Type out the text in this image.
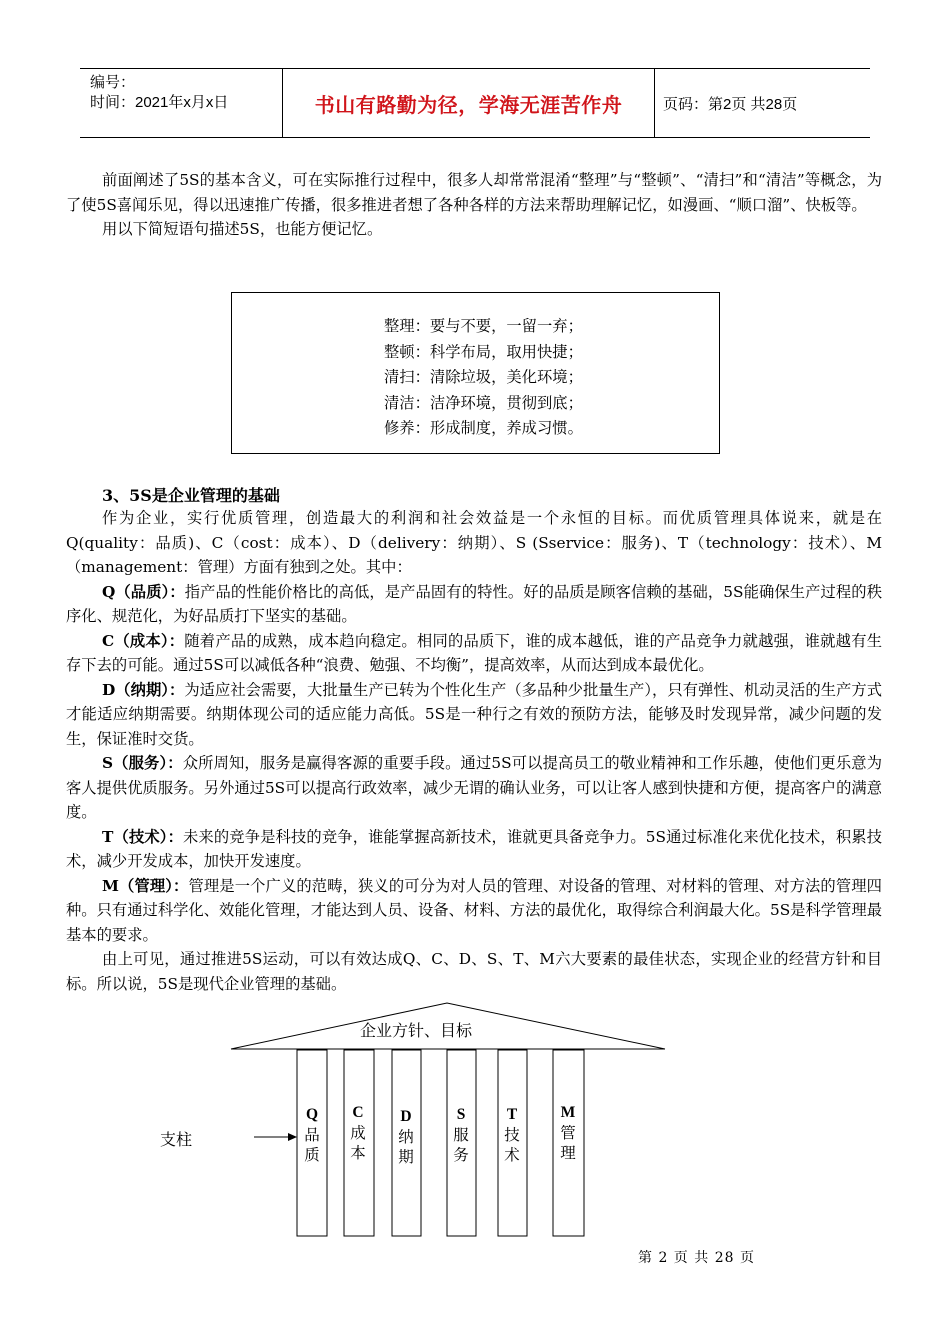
编号：
时间：2021年x月x日	书山有路勤为径，学海无涯苦作舟	页码：第2页 共28页

前面阐述了5S的基本含义，可在实际推行过程中，很多人却常常混淆“整理”与“整顿”、“清扫”和“清洁”等概念，为了使5S喜闻乐见，得以迅速推广传播，很多推进者想了各种各样的方法来帮助理解记忆，如漫画、“顺口溜”、快板等。

用以下简短语句描述5S，也能方便记忆。

整理：要与不要，一留一弃；
整顿：科学布局，取用快捷；
清扫：清除垃圾，美化环境；
清洁：洁净环境，贯彻到底；
修养：形成制度，养成习惯。
3、5S是企业管理的基础

作为企业，实行优质管理，创造最大的利润和社会效益是一个永恒的目标。而优质管理具体说来，就是在Q(quality：品质)、C（cost：成本）、D（delivery：纳期）、S (Sservice：服务)、T（technology：技术）、M（management：管理）方面有独到之处。其中：

Q（品质）：指产品的性能价格比的高低，是产品固有的特性。好的品质是顾客信赖的基础，5S能确保生产过程的秩序化、规范化，为好品质打下坚实的基础。

C（成本）：随着产品的成熟，成本趋向稳定。相同的品质下，谁的成本越低，谁的产品竞争力就越强，谁就越有生存下去的可能。通过5S可以减低各种“浪费、勉强、不均衡”，提高效率，从而达到成本最优化。

D（纳期）：为适应社会需要，大批量生产已转为个性化生产（多品种少批量生产），只有弹性、机动灵活的生产方式才能适应纳期需要。纳期体现公司的适应能力高低。5S是一种行之有效的预防方法，能够及时发现异常，减少问题的发生，保证准时交货。

S（服务）：众所周知，服务是赢得客源的重要手段。通过5S可以提高员工的敬业精神和工作乐趣，使他们更乐意为客人提供优质服务。另外通过5S可以提高行政效率，减少无谓的确认业务，可以让客人感到快捷和方便，提高客户的满意度。

T（技术）：未来的竞争是科技的竞争，谁能掌握高新技术，谁就更具备竞争力。5S通过标准化来优化技术，积累技术，减少开发成本，加快开发速度。

M（管理）：管理是一个广义的范畴，狭义的可分为对人员的管理、对设备的管理、对材料的管理、对方法的管理四种。只有通过科学化、效能化管理，才能达到人员、设备、材料、方法的最优化，取得综合利润最大化。5S是科学管理最基本的要求。

由上可见，通过推进5S运动，可以有效达成Q、C、D、S、T、M六大要素的最佳状态，实现企业的经营方针和目标。所以说，5S是现代企业管理的基础。

企业方针、目标
支柱
Q
品
质
C
成
本
D
纳
期
S
服
务
T
技
术
M
管
理
第 2 页 共 28 页
